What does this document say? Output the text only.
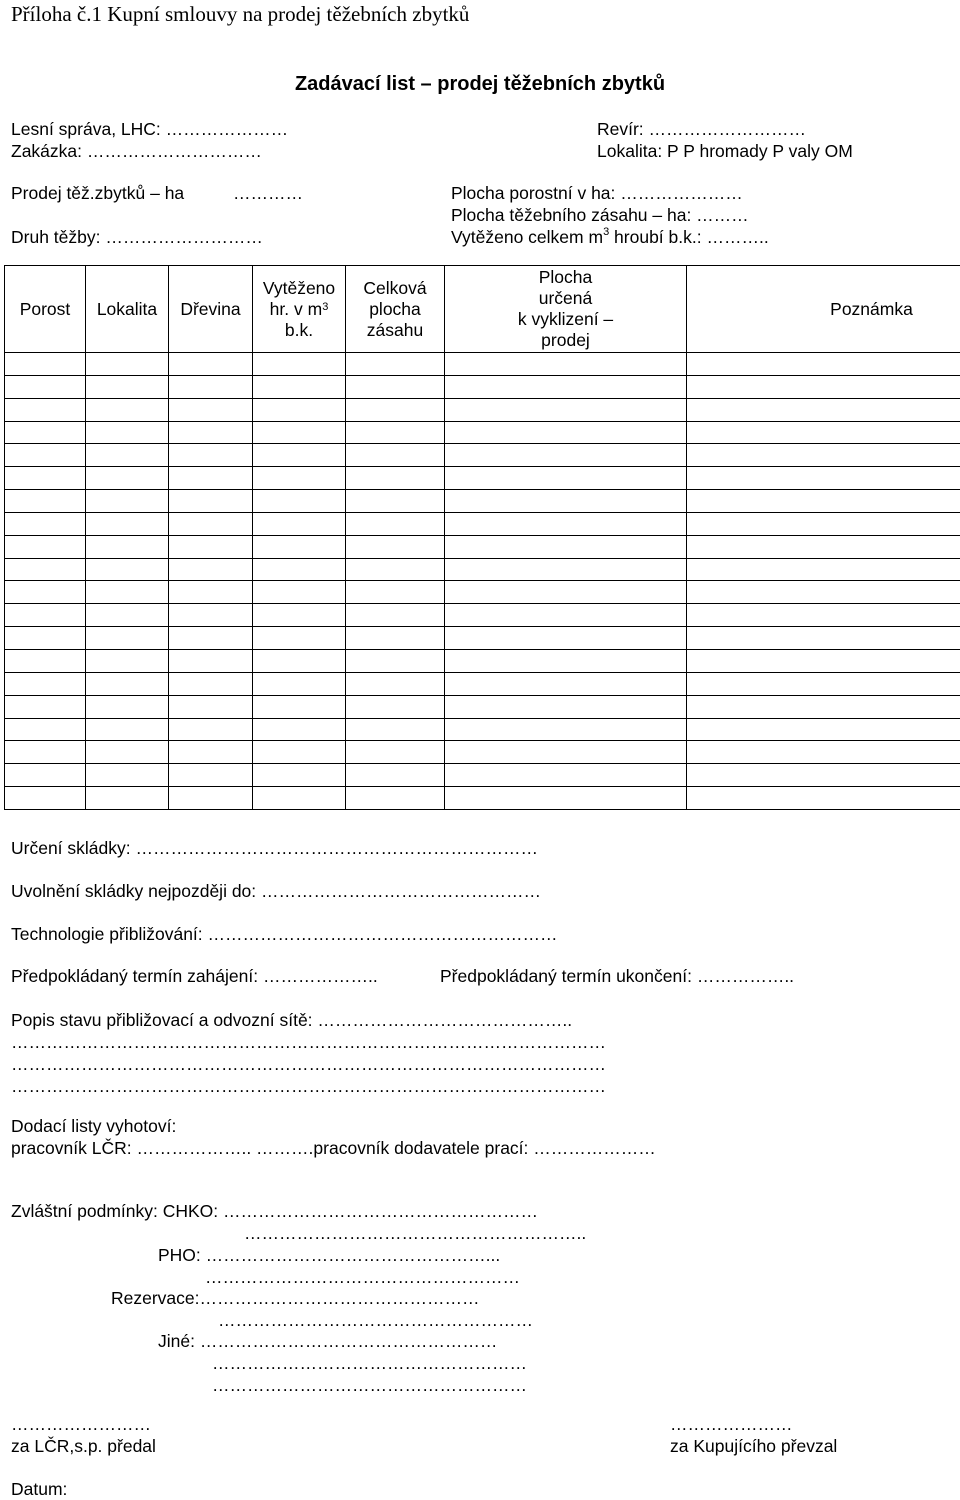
Příloha č.1 Kupní smlouvy na prodej těžebních zbytků
Zadávací list – prodej těžebních zbytků
Lesní správa, LHC: …………………
Zakázka: …………………………
Revír: ………………………
Lokalita: P P hromady P valy OM
Prodej těž.zbytků – ha	…………	Plocha porostní v ha: …………………
Plocha těžebního zásahu – ha: ………
Druh těžby: ………………………	Vytěženo celkem $m^3$ hroubí b.k.: ………..
Porost	Lokalita	Dřevina	Vytěženo
hr. v $m^3$
b.k.	Celková
plocha
zásahu	Plocha
určená
k vyklizení –
prodej	Poznámka

Určení skládky: ……………………………………………………………
Uvolnění skládky nejpozději do: …………………………………………
Technologie přibližování: ……………………………………………………
Předpokládaný termín zahájení: ………………..	Předpokládaný termín ukončení: ……………..
Popis stavu přibližovací a odvozní sítě: ……………………………………..
…………………………………………………………………………………………
…………………………………………………………………………………………
…………………………………………………………………………………………
Dodací listy vyhotoví:
pracovník LČR: ……………….. ……….pracovník dodavatele prací: …………………
Zvláštní podmínky: CHKO: ………………………………………………
…………………………………………………..
PHO: …………………………………………...
………………………………………………
Rezervace:…………………………………………
………………………………………………
Jiné: ……………………………………………
………………………………………………
………………………………………………
……………………
za LČR,s.p. předal
…………………
za Kupujícího převzal
Datum:
